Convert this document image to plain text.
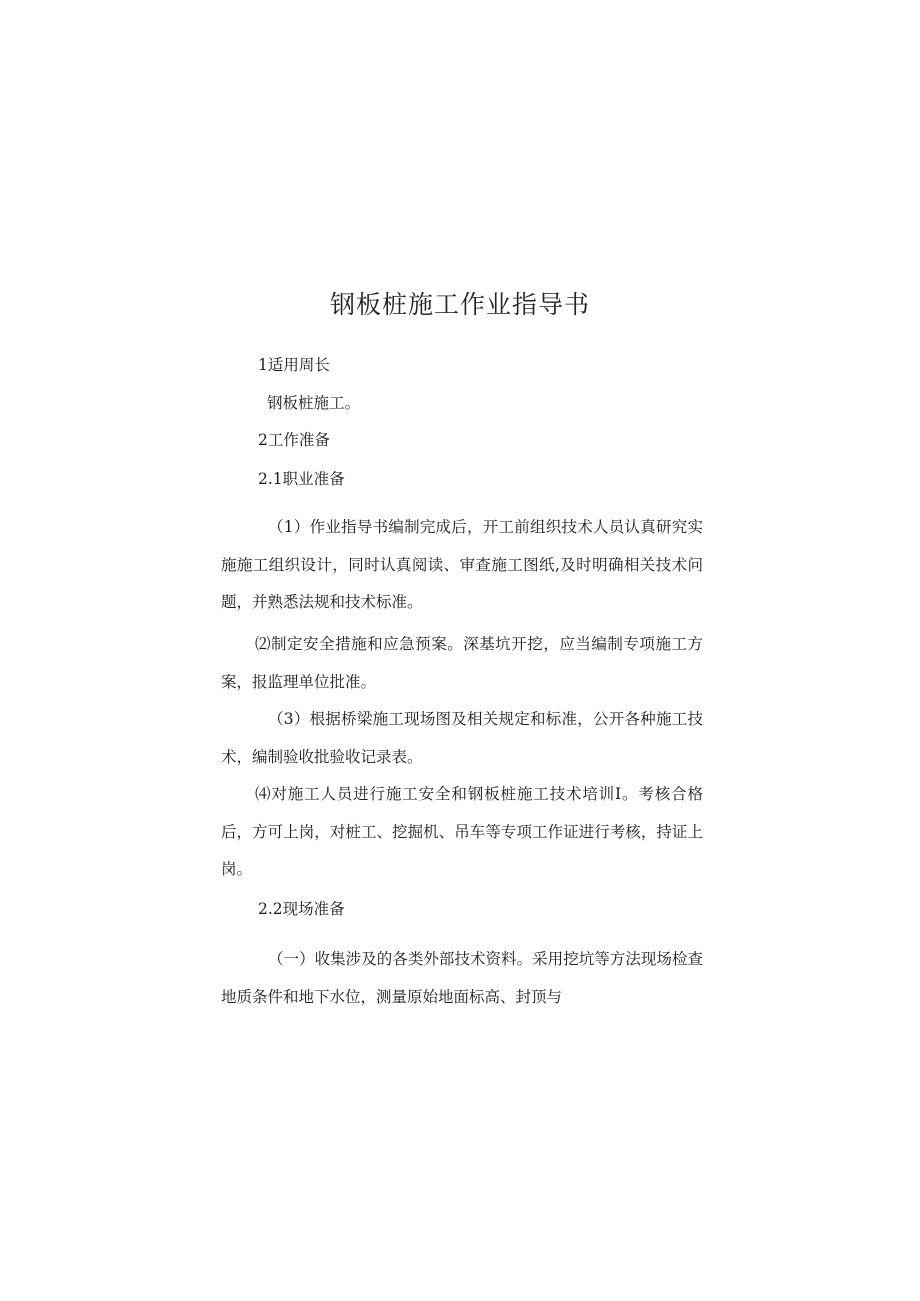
钢板桩施工作业指导书
1适用周长
钢板桩施工。
2工作准备
2.1职业准备
（1）作业指导书编制完成后，开工前组织技术人员认真研究实施施工组织设计，同时认真阅读、审查施工图纸,及时明确相关技术问题，并熟悉法规和技术标准。
⑵制定安全措施和应急预案。深基坑开挖，应当编制专项施工方案，报监理单位批准。
（3）根据桥梁施工现场图及相关规定和标准，公开各种施工技术，编制验收批验收记录表。
⑷对施工人员进行施工安全和钢板桩施工技术培训I。考核合格后，方可上岗，对桩工、挖掘机、吊车等专项工作证进行考核，持证上岗。
2.2现场准备
（一）收集涉及的各类外部技术资料。采用挖坑等方法现场检查地质条件和地下水位，测量原始地面标高、封顶与
